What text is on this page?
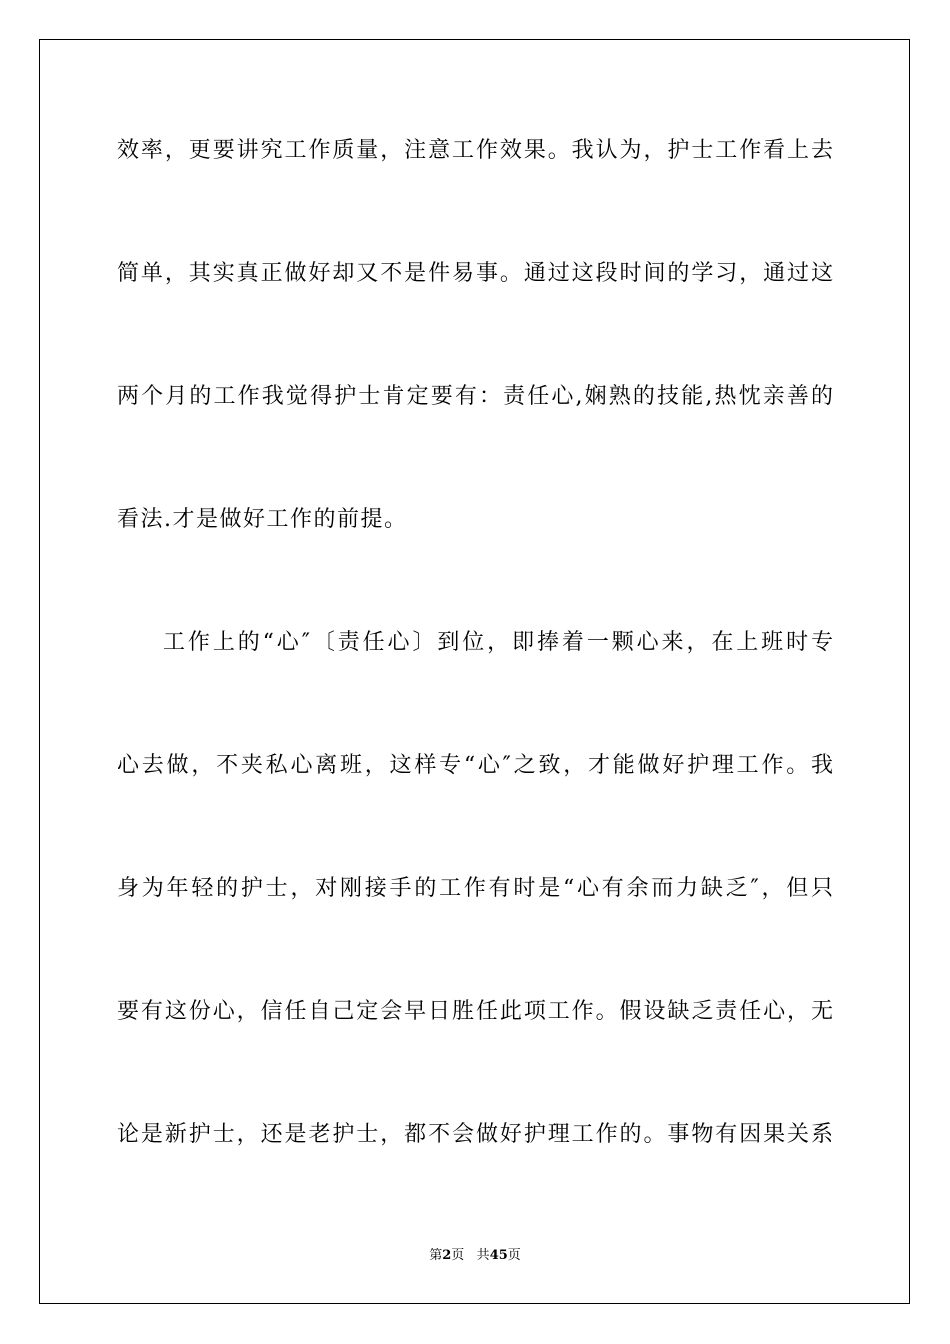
效率，更要讲究工作质量，注意工作效果。我认为，护士工作看上去
简单，其实真正做好却又不是件易事。通过这段时间的学习，通过这
两个月的工作我觉得护士肯定要有：责任心,娴熟的技能,热忱亲善的
看法.才是做好工作的前提。
工作上的“心″〔责任心〕到位，即捧着一颗心来，在上班时专
心去做，不夹私心离班，这样专“心″之致，才能做好护理工作。我
身为年轻的护士，对刚接手的工作有时是“心有余而力缺乏″，但只
要有这份心，信任自己定会早日胜任此项工作。假设缺乏责任心，无
论是新护士，还是老护士，都不会做好护理工作的。事物有因果关系
第2页 共45页
